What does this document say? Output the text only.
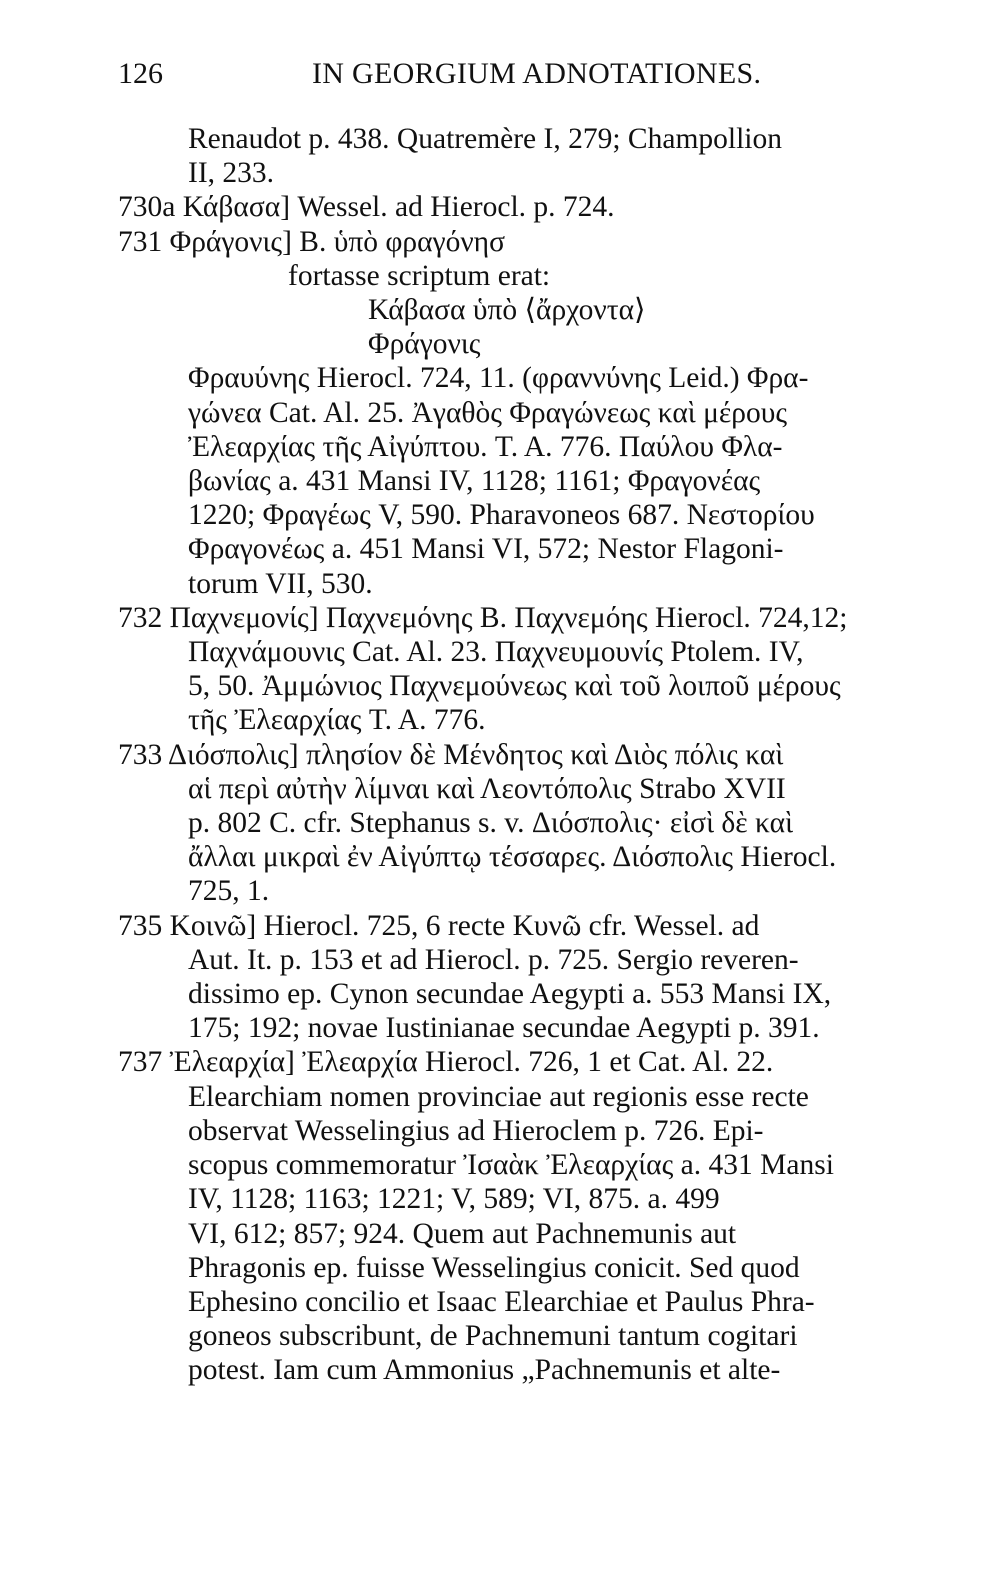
126	IN GEORGIUM ADNOTATIONES.
Renaudot p. 438. Quatremère I, 279; Champollion
II, 233.
730a Κάβασα] Wessel. ad Hierocl. p. 724.
731 Φράγονις] B. ὑπὸ φραγόνησ
fortasse scriptum erat:
Κάβασα ὑπὸ ⟨ἄρχοντα⟩
Φράγονις
Φραυύνης Hierocl. 724, 11. (φραννύνης Leid.) Φρα-
γώνεα Cat. Al. 25. Ἀγαθὸς Φραγώνεως καὶ μέρους
Ἐλεαρχίας τῆς Αἰγύπτου. T. A. 776. Παύλου Φλα-
βωνίας a. 431 Mansi IV, 1128; 1161; Φραγονέας
1220; Φραγέως V, 590. Pharavoneos 687. Νεστορίου
Φραγονέως a. 451 Mansi VI, 572; Nestor Flagoni-
torum VII, 530.
732 Παχνεμονίς] Παχνεμόνης B. Παχνεμόης Hierocl. 724,12;
Παχνάμουνις Cat. Al. 23. Παχνευμουνίς Ptolem. IV,
5, 50. Ἀμμώνιος Παχνεμούνεως καὶ τοῦ λοιποῦ μέρους
τῆς Ἐλεαρχίας T. A. 776.
733 Διόσπολις] πλησίον δὲ Μένδητος καὶ Διὸς πόλις καὶ
αἱ περὶ αὐτὴν λίμναι καὶ Λεοντόπολις Strabo XVII
p. 802 C. cfr. Stephanus s. v. Διόσπολις· εἰσὶ δὲ καὶ
ἄλλαι μικραὶ ἐν Αἰγύπτῳ τέσσαρες. Διόσπολις Hierocl.
725, 1.
735 Κοινῶ] Hierocl. 725, 6 recte Κυνῶ cfr. Wessel. ad
Aut. It. p. 153 et ad Hierocl. p. 725. Sergio reveren-
dissimo ep. Cynon secundae Aegypti a. 553 Mansi IX,
175; 192; novae Iustinianae secundae Aegypti p. 391.
737 Ἐλεαρχία] Ἐλεαρχία Hierocl. 726, 1 et Cat. Al. 22.
Elearchiam nomen provinciae aut regionis esse recte
observat Wesselingius ad Hieroclem p. 726. Epi-
scopus commemoratur Ἰσαὰκ Ἐλεαρχίας a. 431 Mansi
IV, 1128; 1163; 1221; V, 589; VI, 875. a. 499
VI, 612; 857; 924. Quem aut Pachnemunis aut
Phragonis ep. fuisse Wesselingius conicit. Sed quod
Ephesino concilio et Isaac Elearchiae et Paulus Phra-
goneos subscribunt, de Pachnemuni tantum cogitari
potest. Iam cum Ammonius „Pachnemunis et alte-
